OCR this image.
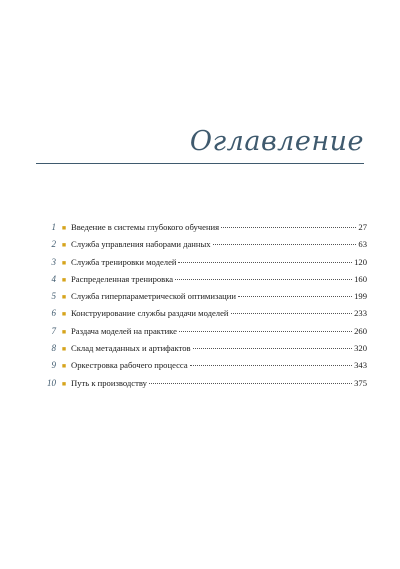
Оглавление
1 ■ Введение в системы глубокого обучения	27
2 ■ Служба управления наборами данных	63
3 ■ Служба тренировки моделей	120
4 ■ Распределенная тренировка	160
5 ■ Служба гиперпараметрической оптимизации	199
6 ■ Конструирование службы раздачи моделей	233
7 ■ Раздача моделей на практике	260
8 ■ Склад метаданных и артифактов	320
9 ■ Оркестровка рабочего процесса	343
10 ■ Путь к производству	375
